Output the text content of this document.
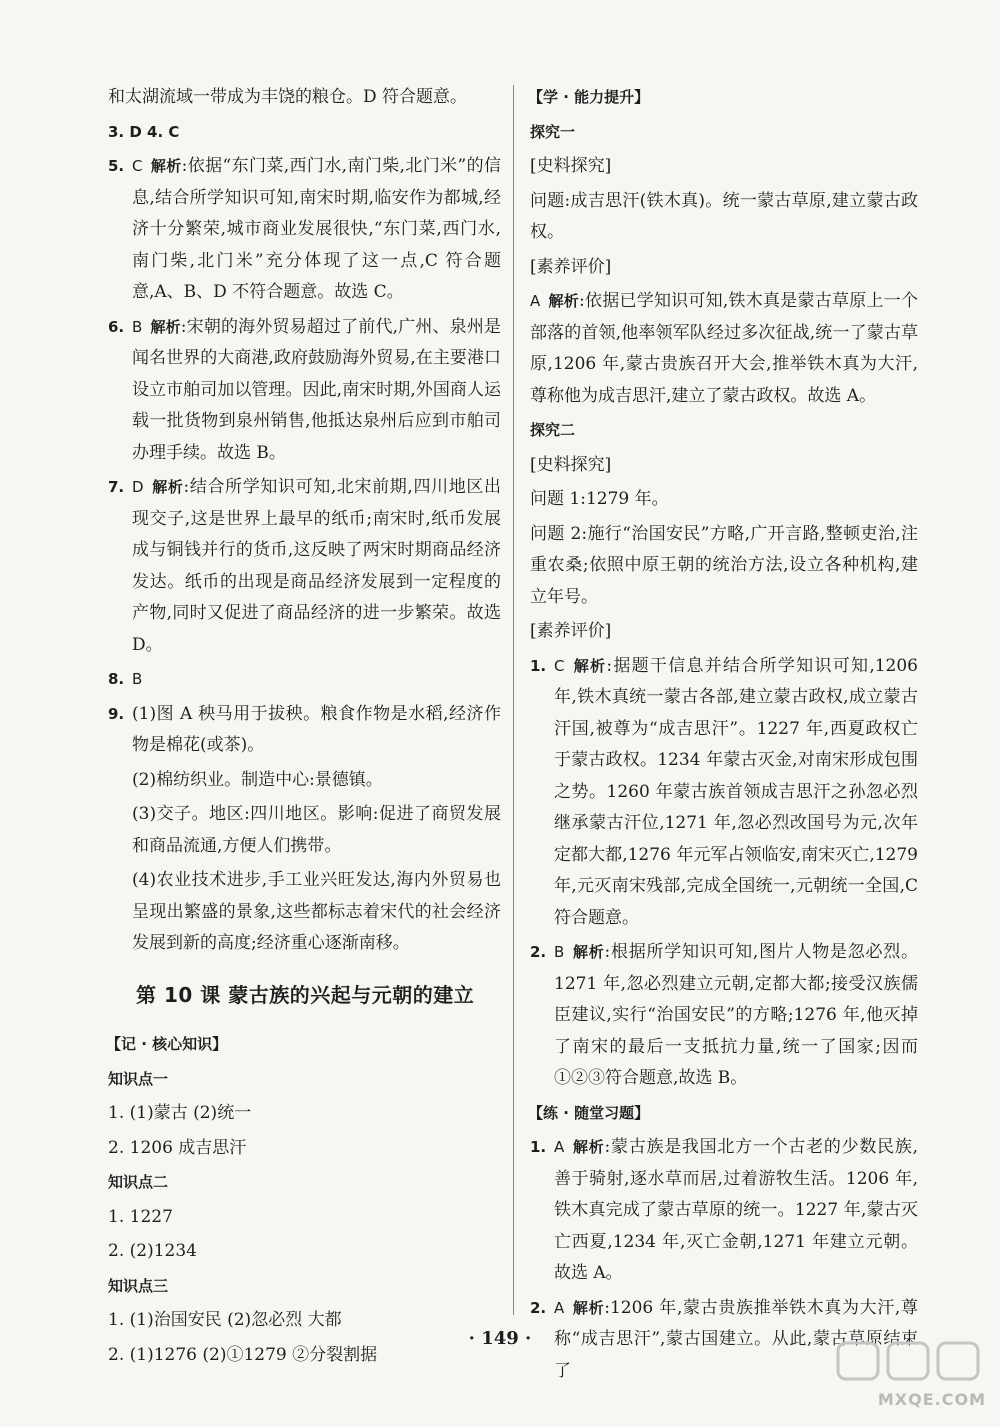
和太湖流域一带成为丰饶的粮仓。D 符合题意。

3. D 4. C

5. C 解析:依据“东门菜,西门水,南门柴,北门米”的信息,结合所学知识可知,南宋时期,临安作为都城,经济十分繁荣,城市商业发展很快,“东门菜,西门水,南门柴,北门米”充分体现了这一点,C 符合题意,A、B、D 不符合题意。故选 C。
6. B 解析:宋朝的海外贸易超过了前代,广州、泉州是闻名世界的大商港,政府鼓励海外贸易,在主要港口设立市舶司加以管理。因此,南宋时期,外国商人运载一批货物到泉州销售,他抵达泉州后应到市舶司办理手续。故选 B。
7. D 解析:结合所学知识可知,北宋前期,四川地区出现交子,这是世界上最早的纸币;南宋时,纸币发展成与铜钱并行的货币,这反映了两宋时期商品经济发达。纸币的出现是商品经济发展到一定程度的产物,同时又促进了商品经济的进一步繁荣。故选 D。
8. B
9. (1)图 A 秧马用于拔秧。粮食作物是水稻,经济作物是棉花(或茶)。
(2)棉纺织业。制造中心:景德镇。
(3)交子。地区:四川地区。影响:促进了商贸发展和商品流通,方便人们携带。
(4)农业技术进步,手工业兴旺发达,海内外贸易也呈现出繁盛的景象,这些都标志着宋代的社会经济发展到新的高度;经济重心逐渐南移。
第 10 课 蒙古族的兴起与元朝的建立
【记 · 核心知识】
知识点一

1. (1)蒙古 (2)统一

2. 1206 成吉思汗

知识点二

1. 1227

2. (2)1234

知识点三

1. (1)治国安民 (2)忽必烈 大都

2. (1)1276 (2)①1279 ②分裂割据

【学 · 能力提升】
探究一
[史料探究]

问题:成吉思汗(铁木真)。统一蒙古草原,建立蒙古政权。

[素养评价]

A 解析:依据已学知识可知,铁木真是蒙古草原上一个部落的首领,他率领军队经过多次征战,统一了蒙古草原,1206 年,蒙古贵族召开大会,推举铁木真为大汗,尊称他为成吉思汗,建立了蒙古政权。故选 A。

探究二
[史料探究]

问题 1:1279 年。

问题 2:施行“治国安民”方略,广开言路,整顿吏治,注重农桑;依照中原王朝的统治方法,设立各种机构,建立年号。

[素养评价]
1. C 解析:据题干信息并结合所学知识可知,1206 年,铁木真统一蒙古各部,建立蒙古政权,成立蒙古汗国,被尊为“成吉思汗”。1227 年,西夏政权亡于蒙古政权。1234 年蒙古灭金,对南宋形成包围之势。1260 年蒙古族首领成吉思汗之孙忽必烈继承蒙古汗位,1271 年,忽必烈改国号为元,次年定都大都,1276 年元军占领临安,南宋灭亡,1279 年,元灭南宋残部,完成全国统一,元朝统一全国,C 符合题意。
2. B 解析:根据所学知识可知,图片人物是忽必烈。1271 年,忽必烈建立元朝,定都大都;接受汉族儒臣建议,实行“治国安民”的方略;1276 年,他灭掉了南宋的最后一支抵抗力量,统一了国家;因而①②③符合题意,故选 B。
【练 · 随堂习题】
1. A 解析:蒙古族是我国北方一个古老的少数民族,善于骑射,逐水草而居,过着游牧生活。1206 年,铁木真完成了蒙古草原的统一。1227 年,蒙古灭亡西夏,1234 年,灭亡金朝,1271 年建立元朝。故选 A。
2. A 解析:1206 年,蒙古贵族推举铁木真为大汗,尊称“成吉思汗”,蒙古国建立。从此,蒙古草原结束了
· 149 ·
MXQE.COM
